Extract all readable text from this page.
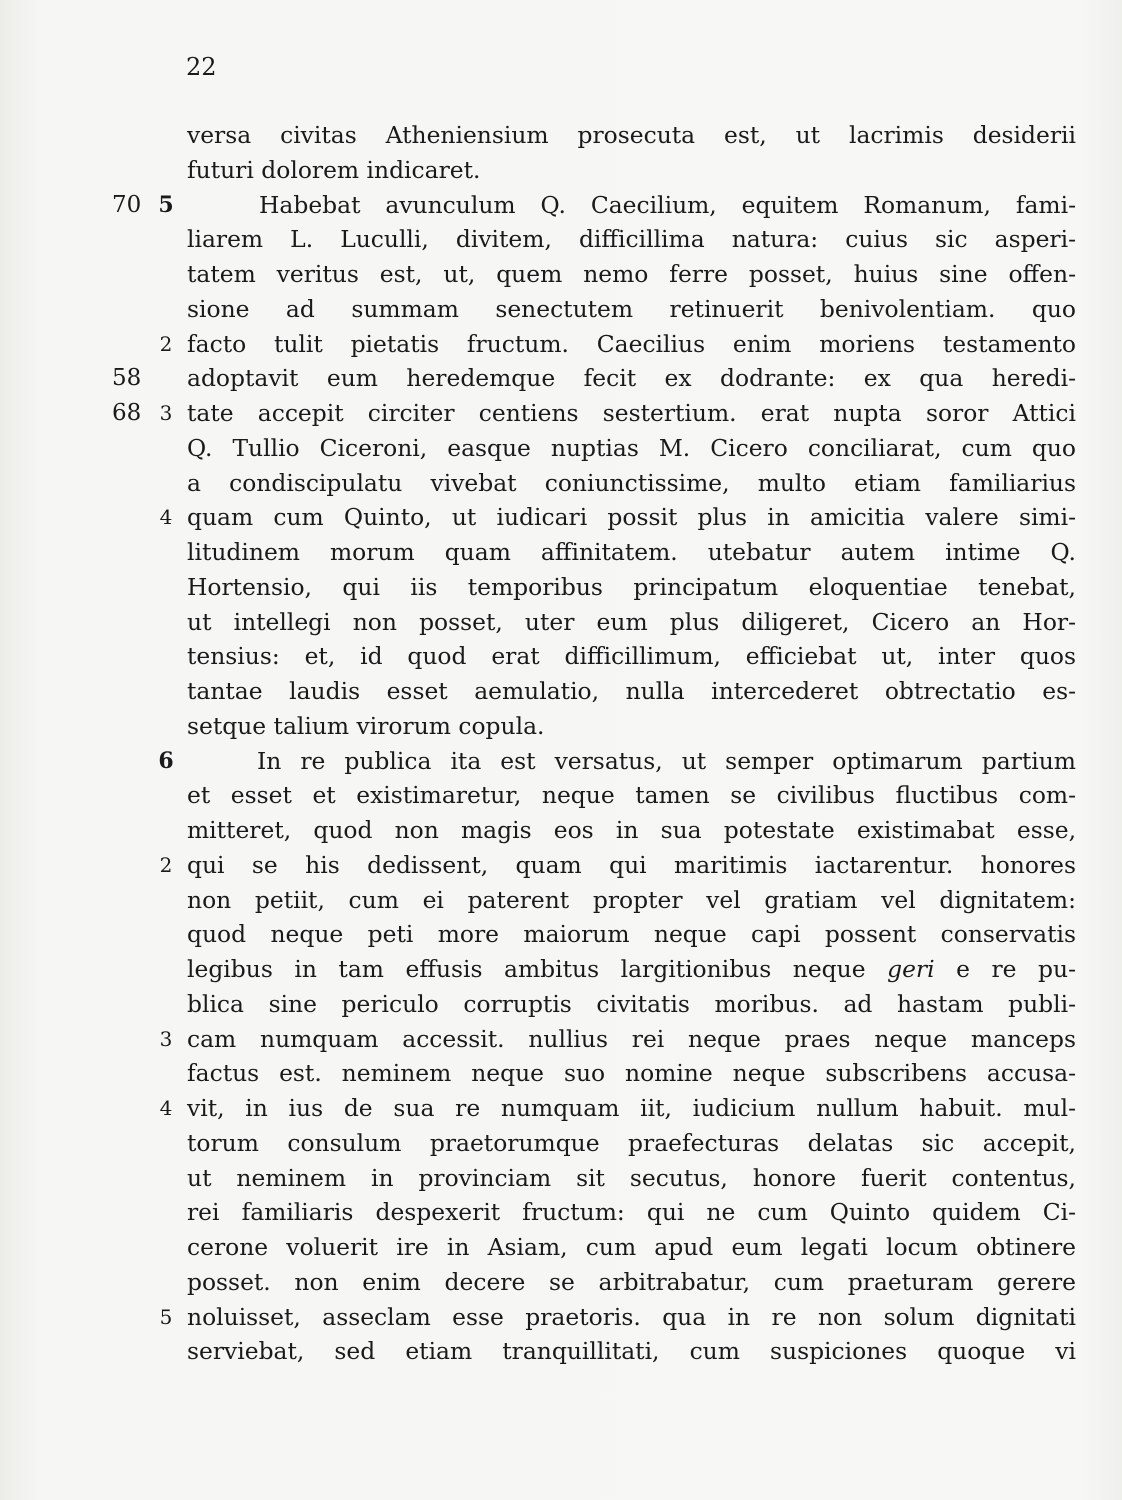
22
versa civitas Atheniensium prosecuta est, ut lacrimis desiderii
futuri dolorem indicaret.
70 5	Habebat avunculum Q. Caecilium, equitem Romanum, fami-
liarem L. Luculli, divitem, difficillima natura: cuius sic asperi-
tatem veritus est, ut, quem nemo ferre posset, huius sine offen-
sione ad summam senectutem retinuerit benivolentiam. quo
2 facto tulit pietatis fructum. Caecilius enim moriens testamento
58	adoptavit eum heredemque fecit ex dodrante: ex qua heredi-
68 3 tate accepit circiter centiens sestertium. erat nupta soror Attici
Q. Tullio Ciceroni, easque nuptias M. Cicero conciliarat, cum quo
a condiscipulatu vivebat coniunctissime, multo etiam familiarius
4 quam cum Quinto, ut iudicari possit plus in amicitia valere simi-
litudinem morum quam affinitatem. utebatur autem intime Q.
Hortensio, qui iis temporibus principatum eloquentiae tenebat,
ut intellegi non posset, uter eum plus diligeret, Cicero an Hor-
tensius: et, id quod erat difficillimum, efficiebat ut, inter quos
tantae laudis esset aemulatio, nulla intercederet obtrectatio es-
setque talium virorum copula.
6	In re publica ita est versatus, ut semper optimarum partium
et esset et existimaretur, neque tamen se civilibus fluctibus com-
mitteret, quod non magis eos in sua potestate existimabat esse,
2 qui se his dedissent, quam qui maritimis iactarentur. honores
non petiit, cum ei paterent propter vel gratiam vel dignitatem:
quod neque peti more maiorum neque capi possent conservatis
legibus in tam effusis ambitus largitionibus neque geri e re pu-
blica sine periculo corruptis civitatis moribus. ad hastam publi-
3 cam numquam accessit. nullius rei neque praes neque manceps
factus est. neminem neque suo nomine neque subscribens accusa-
4 vit, in ius de sua re numquam iit, iudicium nullum habuit. mul-
torum consulum praetorumque praefecturas delatas sic accepit,
ut neminem in provinciam sit secutus, honore fuerit contentus,
rei familiaris despexerit fructum: qui ne cum Quinto quidem Ci-
cerone voluerit ire in Asiam, cum apud eum legati locum obtinere
posset. non enim decere se arbitrabatur, cum praeturam gerere
5 noluisset, asseclam esse praetoris. qua in re non solum dignitati
serviebat, sed etiam tranquillitati, cum suspiciones quoque vi
